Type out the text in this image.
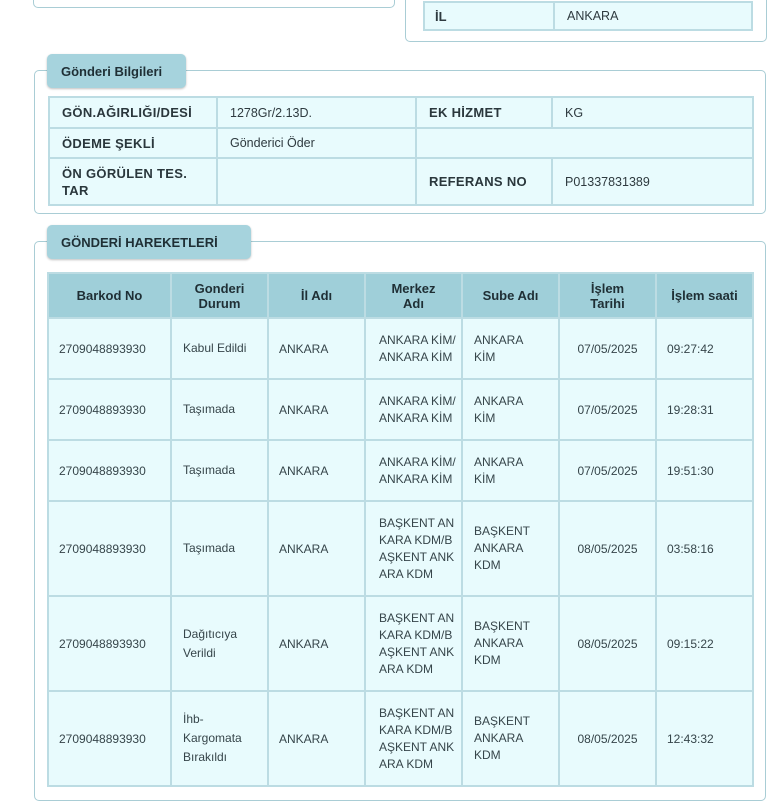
İL	ANKARA
Gönderi Bilgileri
GÖN.AĞIRLIĞI/DESİ	1278Gr/2.13D.	EK HİZMET	KG
ÖDEME ŞEKLİ	Gönderici Öder		
ÖN GÖRÜLEN TES. TAR		REFERANS NO	P01337831389
GÖNDERİ HAREKETLERİ
Barkod No	Gonderi Durum	İl Adı	Merkez Adı	Sube Adı	İşlem Tarihi	İşlem saati
2709048893930	Kabul Edildi	ANKARA	ANKARA KİM/ANKARA KİM	ANKARA KİM	07/05/2025	09:27:42
2709048893930	Taşımada	ANKARA	ANKARA KİM/ANKARA KİM	ANKARA KİM	07/05/2025	19:28:31
2709048893930	Taşımada	ANKARA	ANKARA KİM/ANKARA KİM	ANKARA KİM	07/05/2025	19:51:30
2709048893930	Taşımada	ANKARA	BAŞKENT ANKARA KDM/BAŞKENT ANKARA KDM	BAŞKENT ANKARA KDM	08/05/2025	03:58:16
2709048893930	Dağıtıcıya Verildi	ANKARA	BAŞKENT ANKARA KDM/BAŞKENT ANKARA KDM	BAŞKENT ANKARA KDM	08/05/2025	09:15:22
2709048893930	İhb-Kargomata Bırakıldı	ANKARA	BAŞKENT ANKARA KDM/BAŞKENT ANKARA KDM	BAŞKENT ANKARA KDM	08/05/2025	12:43:32
